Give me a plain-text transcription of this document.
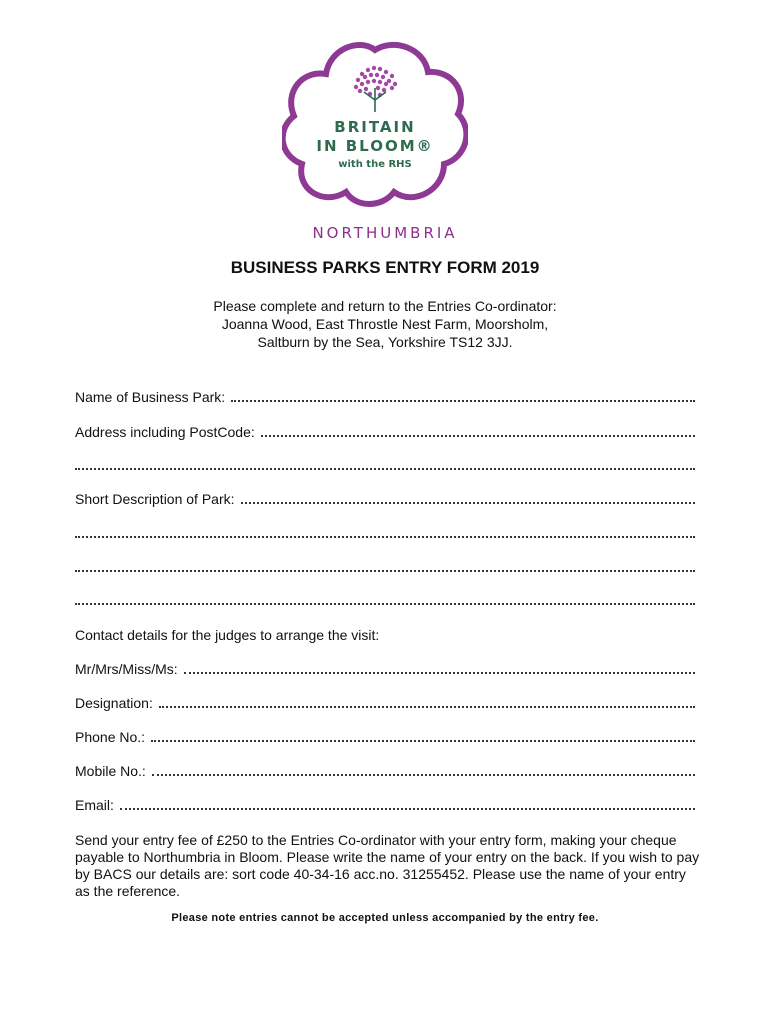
BRITAIN
IN BLOOM®
with the RHS
NORTHUMBRIA
BUSINESS PARKS ENTRY FORM 2019
Please complete and return to the Entries Co-ordinator:
Joanna Wood, East Throstle Nest Farm, Moorsholm,
Saltburn by the Sea, Yorkshire TS12 3JJ.
Name of Business Park:
Address including PostCode:
Short Description of Park:
Contact details for the judges to arrange the visit:
Mr/Mrs/Miss/Ms:
Designation:
Phone No.:
Mobile No.:
Email:
Send your entry fee of £250 to the Entries Co-ordinator with your entry form, making your cheque payable to Northumbria in Bloom. Please write the name of your entry on the back. If you wish to pay by BACS our details are: sort code 40-34-16 acc.no. 31255452. Please use the name of your entry as the reference.
Please note entries cannot be accepted unless accompanied by the entry fee.
